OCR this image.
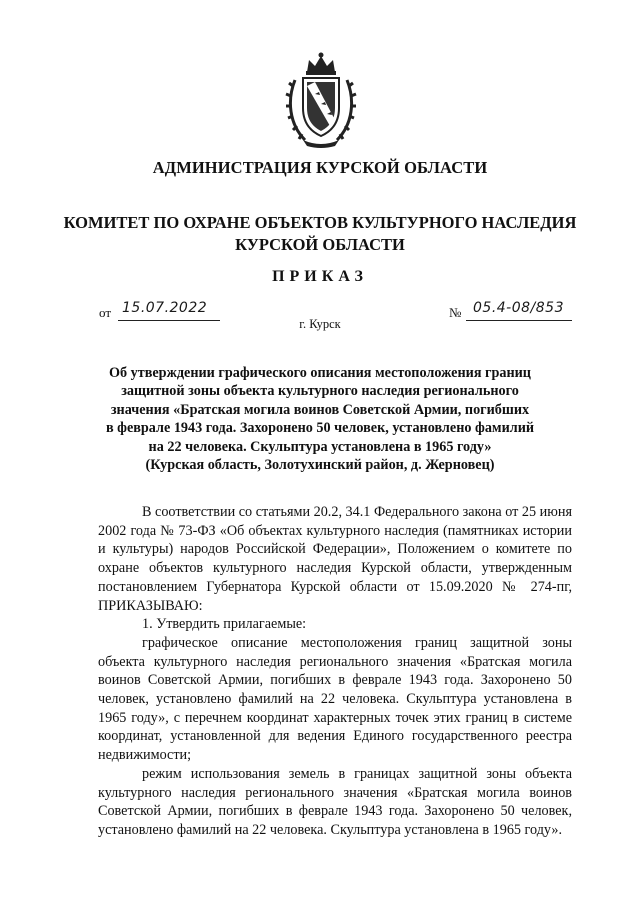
АДМИНИСТРАЦИЯ КУРСКОЙ ОБЛАСТИ
КОМИТЕТ ПО ОХРАНЕ ОБЪЕКТОВ КУЛЬТУРНОГО НАСЛЕДИЯ
КУРСКОЙ ОБЛАСТИ
ПРИКАЗ
от 15.07.2022	№ 05.4-08/853
г. Курск
Об утверждении графического описания местоположения границ
защитной зоны объекта культурного наследия регионального
значения «Братская могила воинов Советской Армии, погибших
в феврале 1943 года. Захоронено 50 человек, установлено фамилий
на 22 человека. Скульптура установлена в 1965 году»
(Курская область, Золотухинский район, д. Жерновец)

В соответствии со статьями 20.2, 34.1 Федерального закона от 25 июня 2002 года № 73-ФЗ «Об объектах культурного наследия (памятниках истории и культуры) народов Российской Федерации», Положением о комитете по охране объектов культурного наследия Курской области, утвержденным постановлением Губернатора Курской области от 15.09.2020 № 274-пг, ПРИКАЗЫВАЮ:

1. Утвердить прилагаемые:

графическое описание местоположения границ защитной зоны объекта культурного наследия регионального значения «Братская могила воинов Советской Армии, погибших в феврале 1943 года. Захоронено 50 человек, установлено фамилий на 22 человека. Скульптура установлена в 1965 году», с перечнем координат характерных точек этих границ в системе координат, установленной для ведения Единого государственного реестра недвижимости;

режим использования земель в границах защитной зоны объекта культурного наследия регионального значения «Братская могила воинов Советской Армии, погибших в феврале 1943 года. Захоронено 50 человек, установлено фамилий на 22 человека. Скульптура установлена в 1965 году».
